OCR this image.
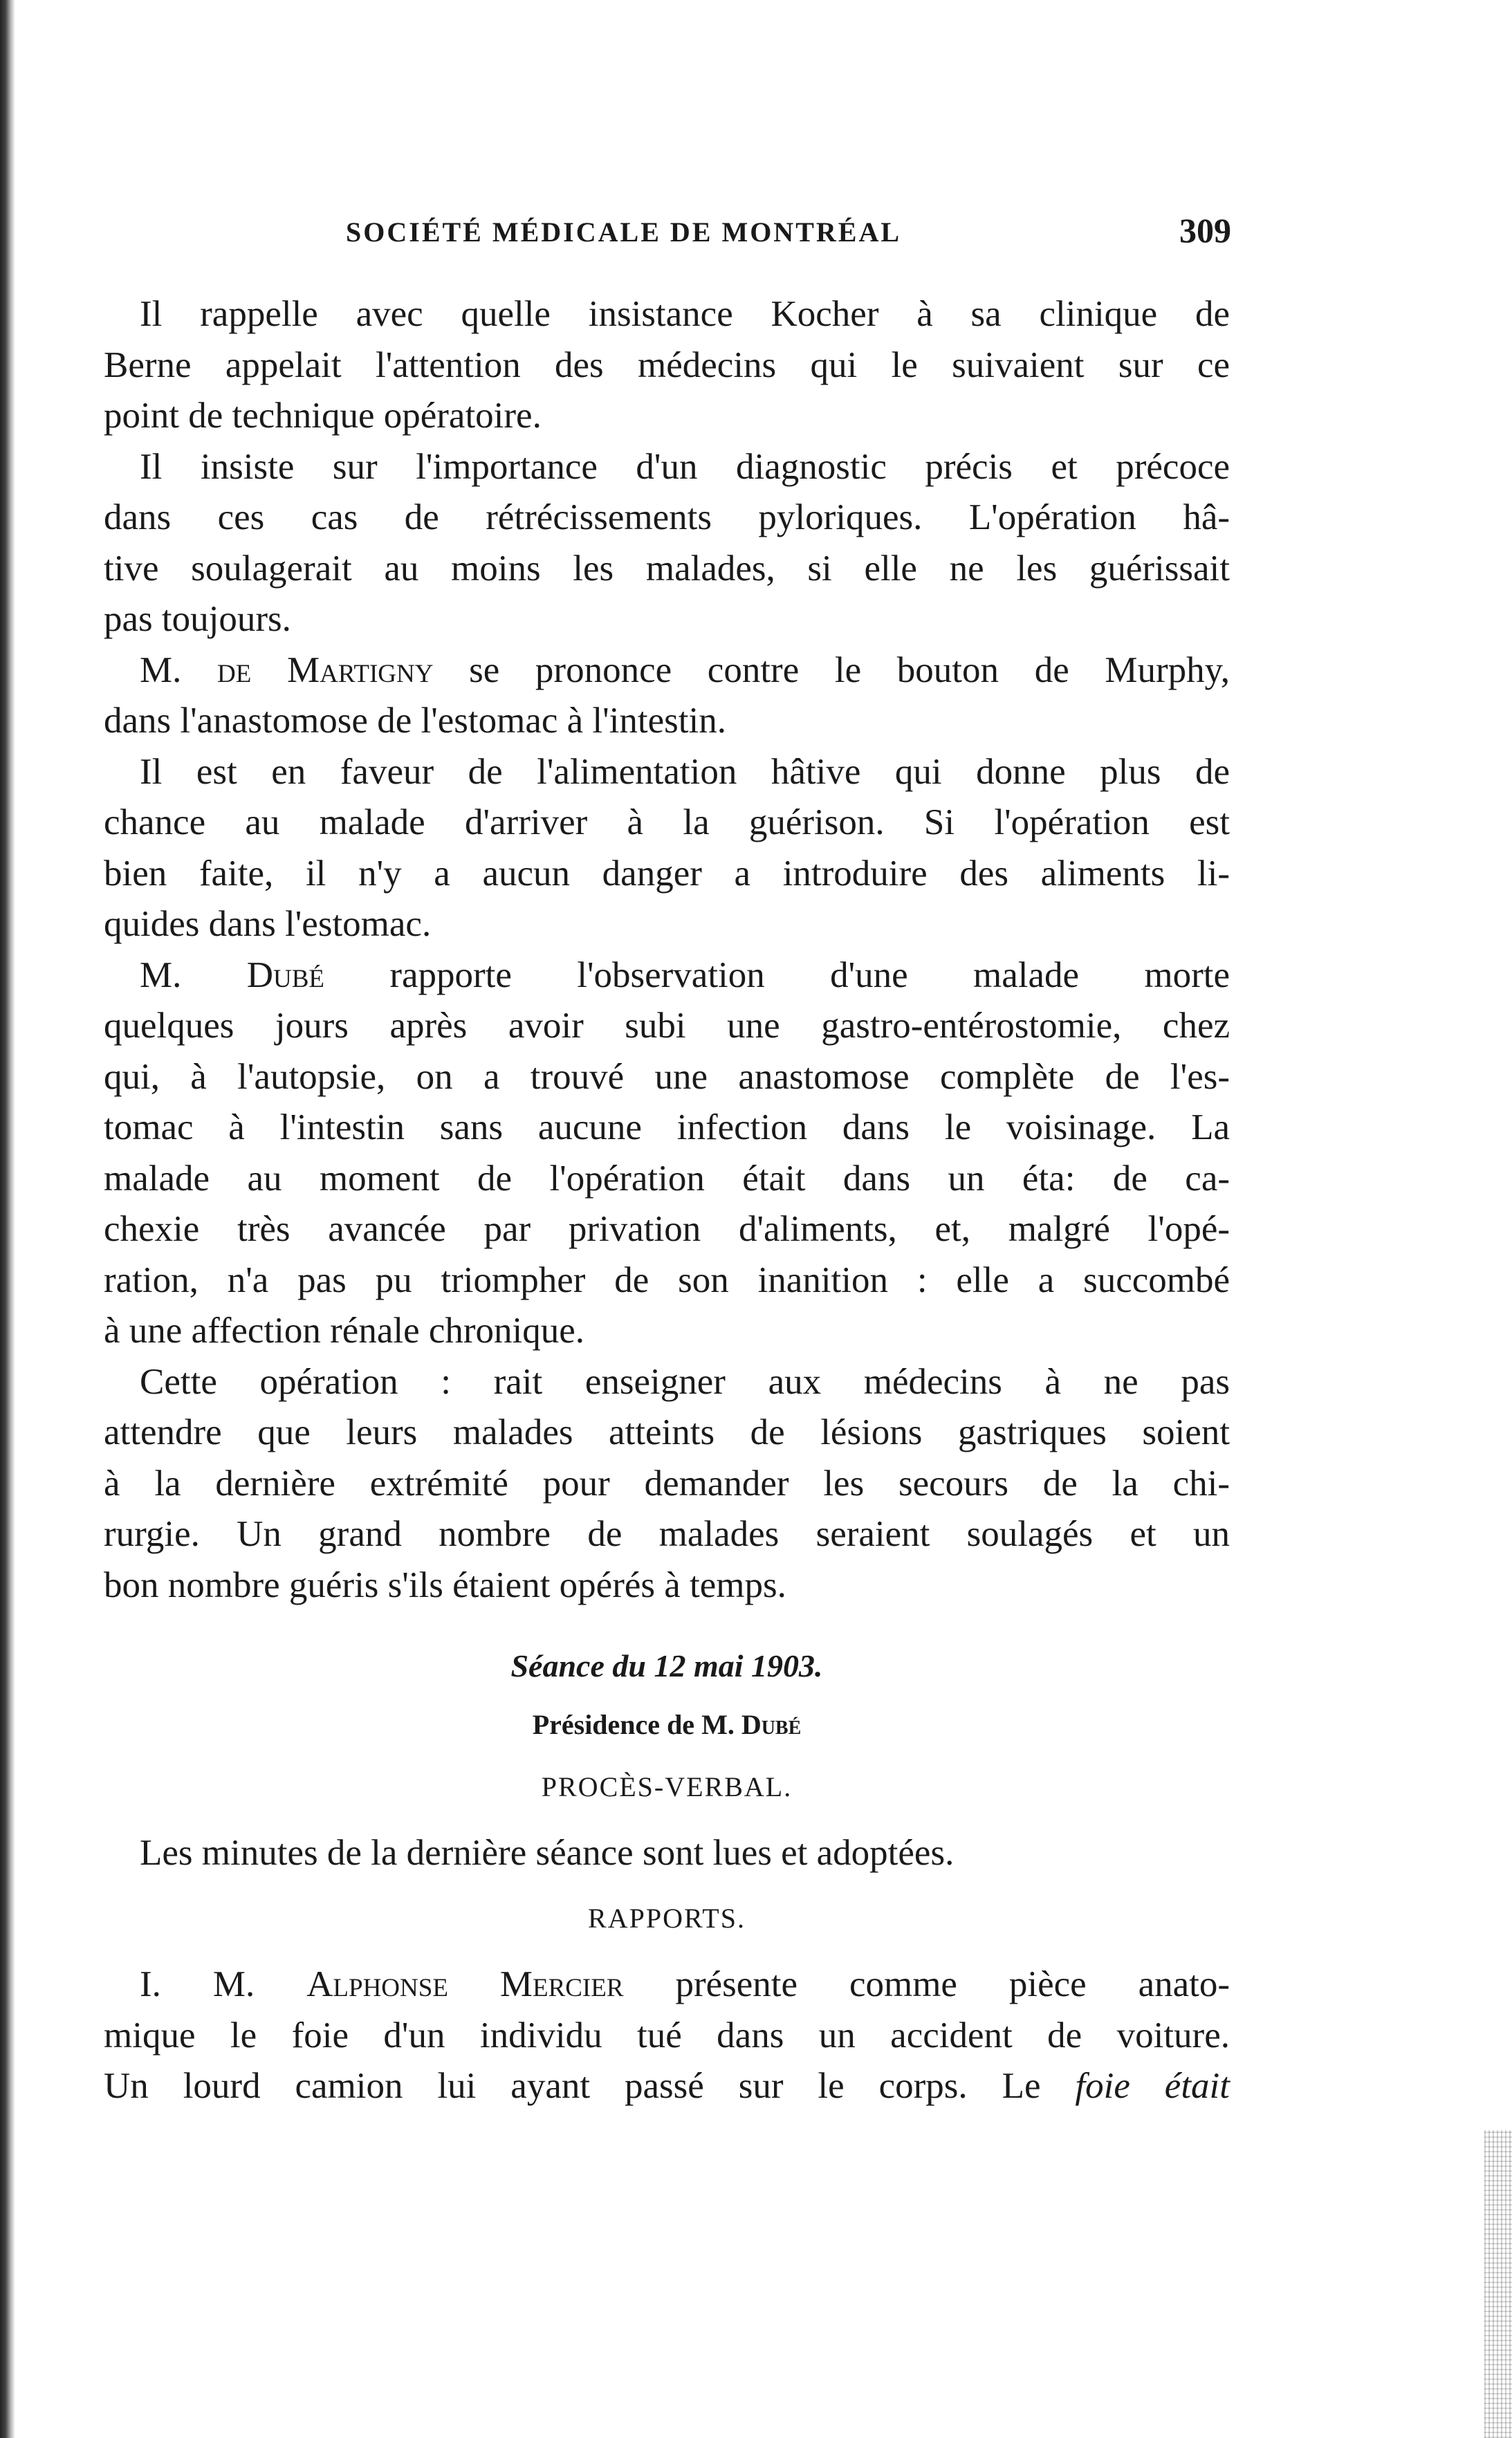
SOCIÉTÉ MÉDICALE DE MONTRÉAL	309
Il rappelle avec quelle insistance Kocher à sa clinique de
Berne appelait l'attention des médecins qui le suivaient sur ce
point de technique opératoire.
Il insiste sur l'importance d'un diagnostic précis et précoce
dans ces cas de rétrécissements pyloriques. L'opération hâ-
tive soulagerait au moins les malades, si elle ne les guérissait
pas toujours.
M. de Martigny se prononce contre le bouton de Murphy,
dans l'anastomose de l'estomac à l'intestin.
Il est en faveur de l'alimentation hâtive qui donne plus de
chance au malade d'arriver à la guérison. Si l'opération est
bien faite, il n'y a aucun danger a introduire des aliments li-
quides dans l'estomac.
M. Dubé rapporte l'observation d'une malade morte
quelques jours après avoir subi une gastro-entérostomie, chez
qui, à l'autopsie, on a trouvé une anastomose complète de l'es-
tomac à l'intestin sans aucune infection dans le voisinage. La
malade au moment de l'opération était dans un éta: de ca-
chexie très avancée par privation d'aliments, et, malgré l'opé-
ration, n'a pas pu triompher de son inanition : elle a succombé
à une affection rénale chronique.
Cette opération : rait enseigner aux médecins à ne pas
attendre que leurs malades atteints de lésions gastriques soient
à la dernière extrémité pour demander les secours de la chi-
rurgie. Un grand nombre de malades seraient soulagés et un
bon nombre guéris s'ils étaient opérés à temps.
Séance du 12 mai 1903.
Présidence de M. Dubé
PROCÈS-VERBAL.
Les minutes de la dernière séance sont lues et adoptées.
RAPPORTS.
I. M. Alphonse Mercier présente comme pièce anato-
mique le foie d'un individu tué dans un accident de voiture.
Un lourd camion lui ayant passé sur le corps. Le foie était
